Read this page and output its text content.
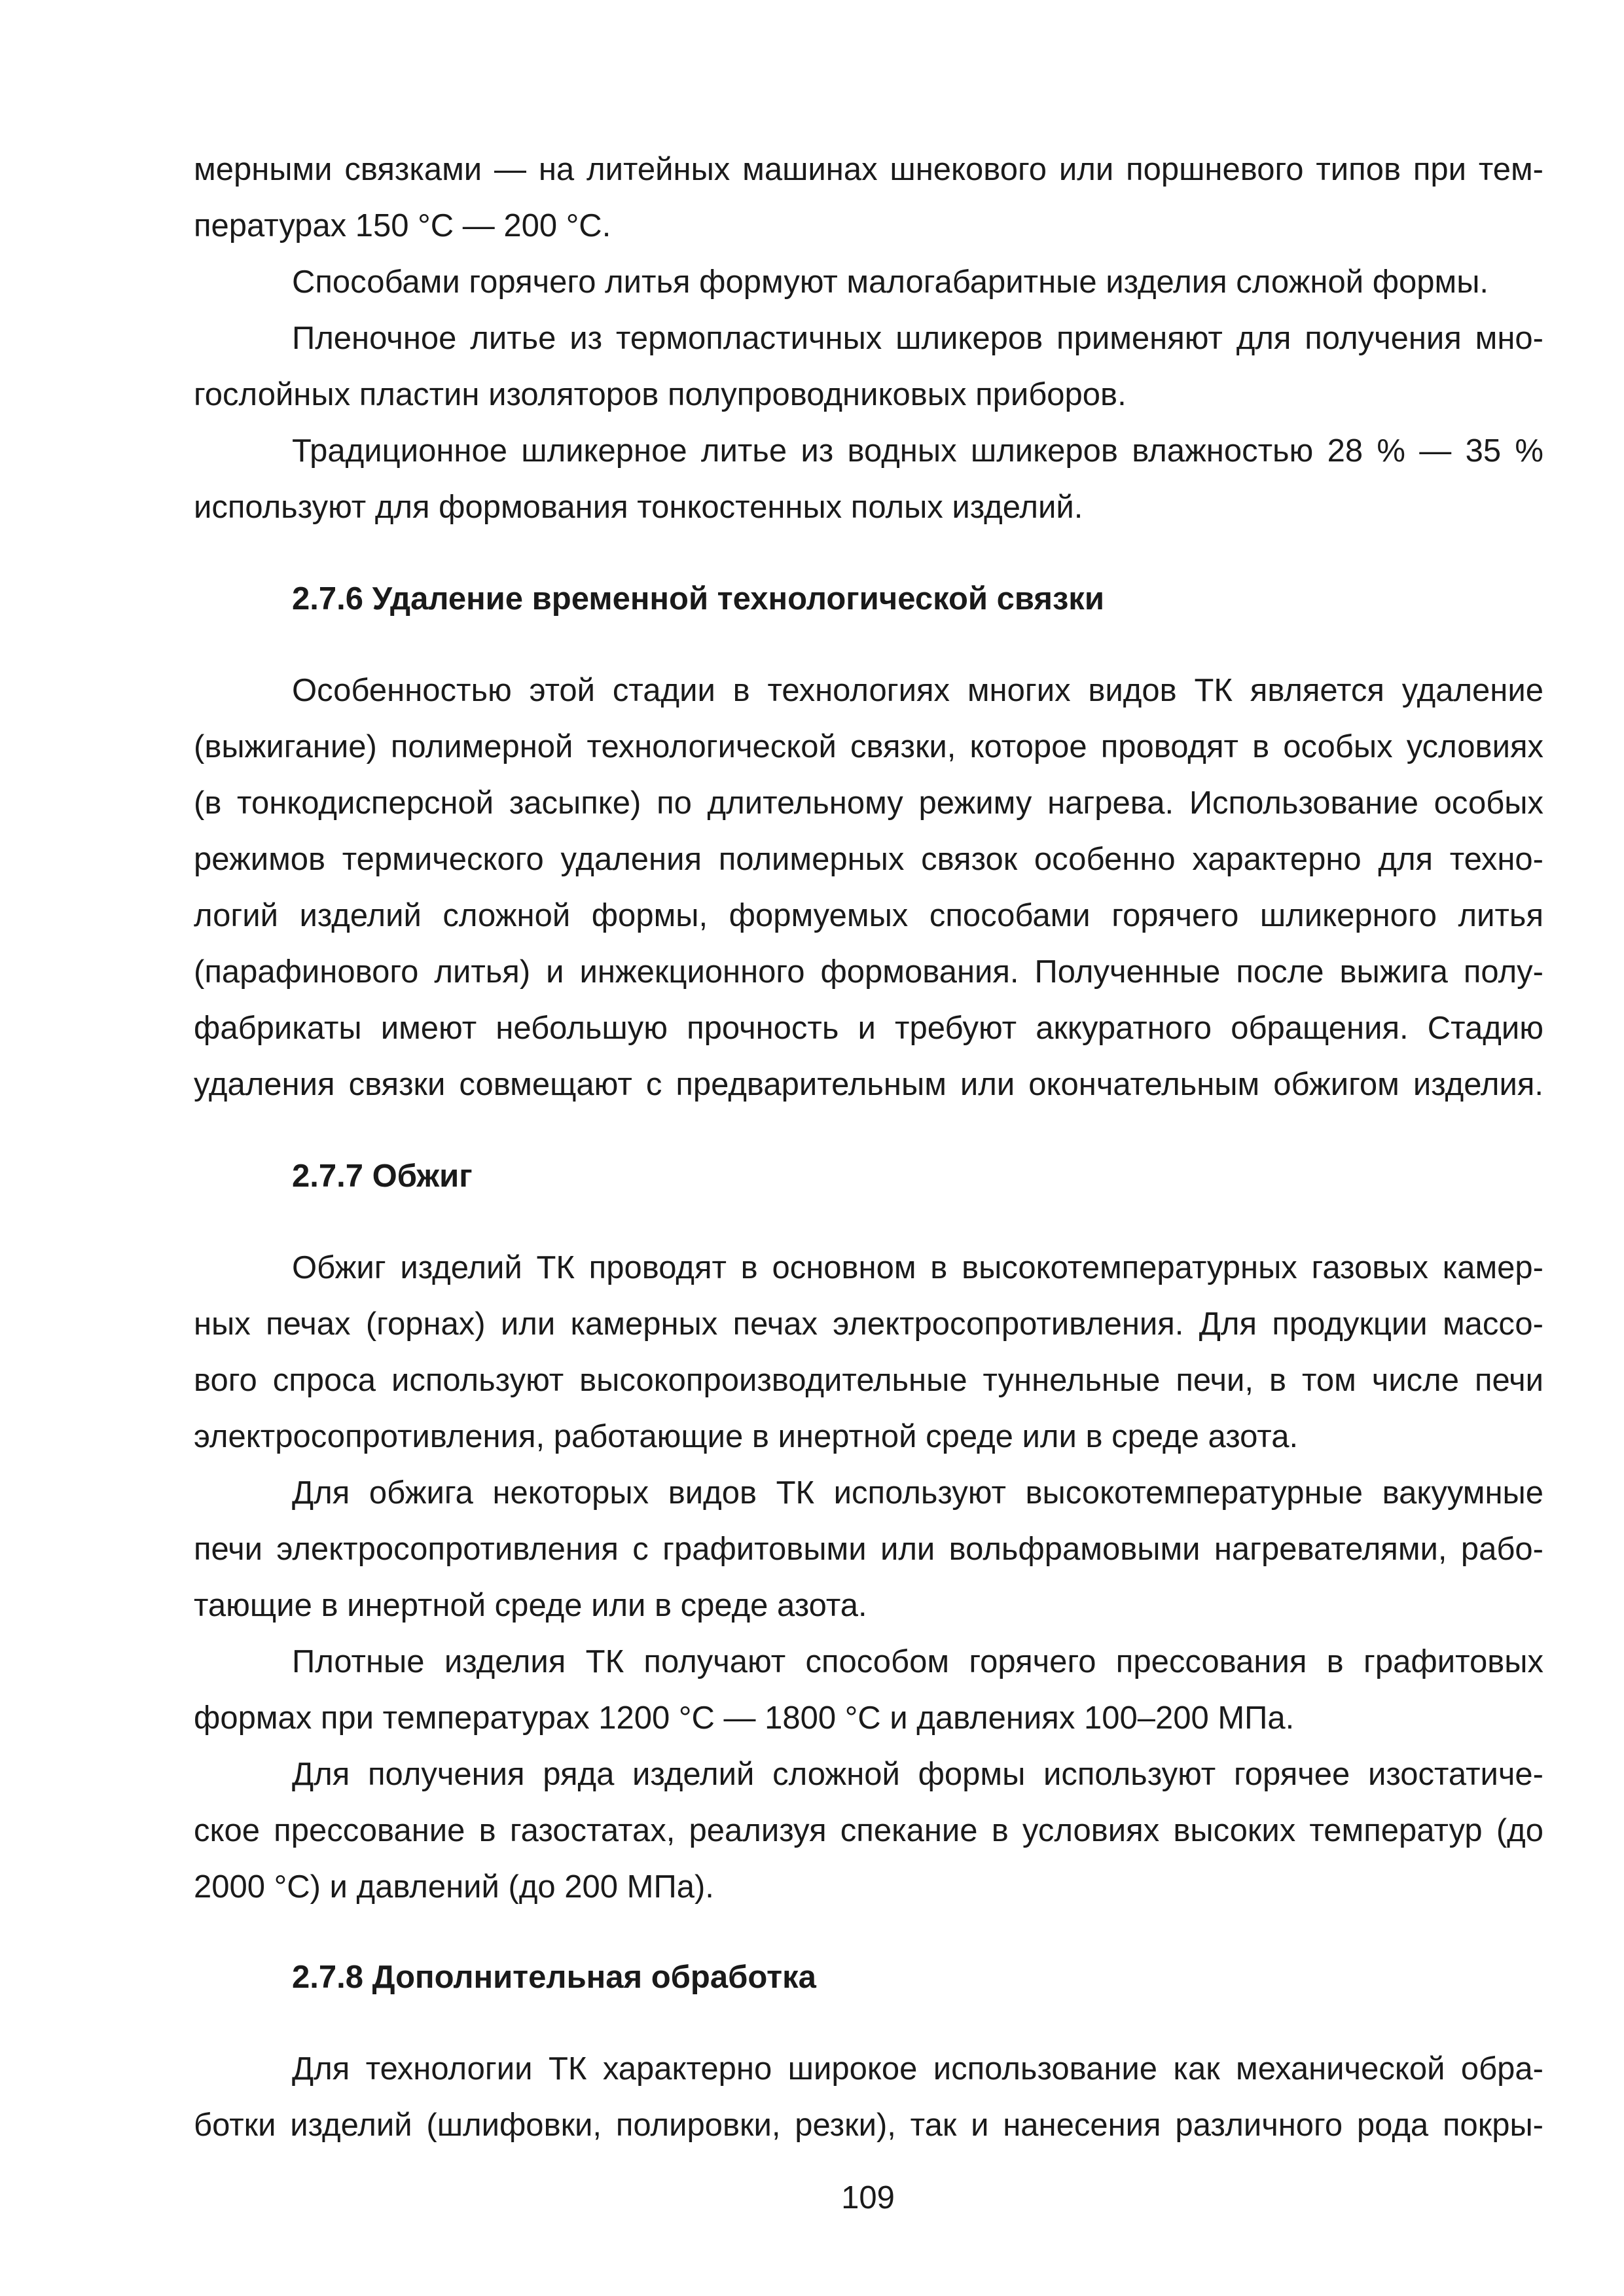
мерными связками — на литейных машинах шнекового или поршневого типов при тем-

пературах 150 °С — 200 °С.

Способами горячего литья формуют малогабаритные изделия сложной формы.

Пленочное литье из термопластичных шликеров применяют для получения мно-

гослойных пластин изоляторов полупроводниковых приборов.

Традиционное шликерное литье из водных шликеров влажностью 28 % — 35 %

используют для формования тонкостенных полых изделий.

2.7.6 Удаление временной технологической связки

Особенностью этой стадии в технологиях многих видов ТК является удаление

(выжигание) полимерной технологической связки, которое проводят в особых условиях

(в тонкодисперсной засыпке) по длительному режиму нагрева. Использование особых

режимов термического удаления полимерных связок особенно характерно для техно-

логий изделий сложной формы, формуемых способами горячего шликерного литья

(парафинового литья) и инжекционного формования. Полученные после выжига полу-

фабрикаты имеют небольшую прочность и требуют аккуратного обращения. Стадию

удаления связки совмещают с предварительным или окончательным обжигом изделия.

2.7.7 Обжиг

Обжиг изделий ТК проводят в основном в высокотемпературных газовых камер-

ных печах (горнах) или камерных печах электросопротивления. Для продукции массо-

вого спроса используют высокопроизводительные туннельные печи, в том числе печи

электросопротивления, работающие в инертной среде или в среде азота.

Для обжига некоторых видов ТК используют высокотемпературные вакуумные

печи электросопротивления с графитовыми или вольфрамовыми нагревателями, рабо-

тающие в инертной среде или в среде азота.

Плотные изделия ТК получают способом горячего прессования в графитовых

формах при температурах 1200 °С — 1800 °С и давлениях 100–200 МПа.

Для получения ряда изделий сложной формы используют горячее изостатиче-

ское прессование в газостатах, реализуя спекание в условиях высоких температур (до

2000 °С) и давлений (до 200 МПа).

2.7.8 Дополнительная обработка

Для технологии ТК характерно широкое использование как механической обра-

ботки изделий (шлифовки, полировки, резки), так и нанесения различного рода покры-

109
